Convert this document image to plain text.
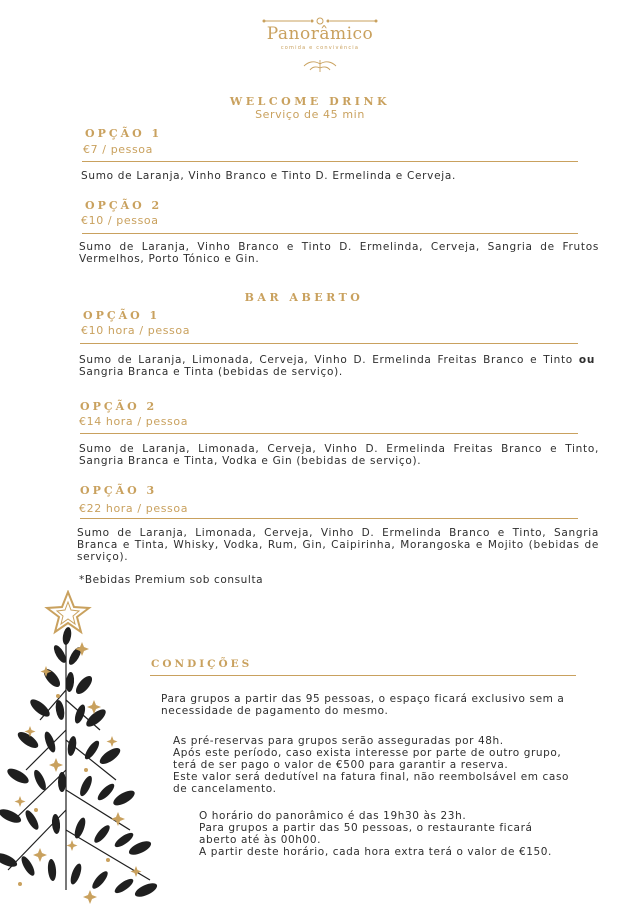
Panorâmico
comida e convivência
WELCOME DRINK
Serviço de 45 min
OPÇÃO 1
€7 / pessoa
Sumo de Laranja, Vinho Branco e Tinto D. Ermelinda e Cerveja.
OPÇÃO 2
€10 / pessoa
Sumo de Laranja, Vinho Branco e Tinto D. Ermelinda, Cerveja, Sangria de Frutos Vermelhos, Porto Tónico e Gin.
BAR ABERTO
OPÇÃO 1
€10 hora / pessoa
Sumo de Laranja, Limonada, Cerveja, Vinho D. Ermelinda Freitas Branco e Tinto ou Sangria Branca e Tinta (bebidas de serviço).
OPÇÃO 2
€14 hora / pessoa
Sumo de Laranja, Limonada, Cerveja, Vinho D. Ermelinda Freitas Branco e Tinto, Sangria Branca e Tinta, Vodka e Gin (bebidas de serviço).
OPÇÃO 3
€22 hora / pessoa
Sumo de Laranja, Limonada, Cerveja, Vinho D. Ermelinda Branco e Tinto, Sangria Branca e Tinta, Whisky, Vodka, Rum, Gin, Caipirinha, Morangoska e Mojito (bebidas de serviço).
*Bebidas Premium sob consulta
CONDIÇÕES
Para grupos a partir das 95 pessoas, o espaço ficará exclusivo sem a necessidade de pagamento do mesmo.
As pré-reservas para grupos serão asseguradas por 48h.
Após este período, caso exista interesse por parte de outro grupo,
terá de ser pago o valor de €500 para garantir a reserva.
Este valor será dedutível na fatura final, não reembolsável em caso
de cancelamento.
O horário do panorâmico é das 19h30 às 23h.
Para grupos a partir das 50 pessoas, o restaurante ficará
aberto até às 00h00.
A partir deste horário, cada hora extra terá o valor de €150.
